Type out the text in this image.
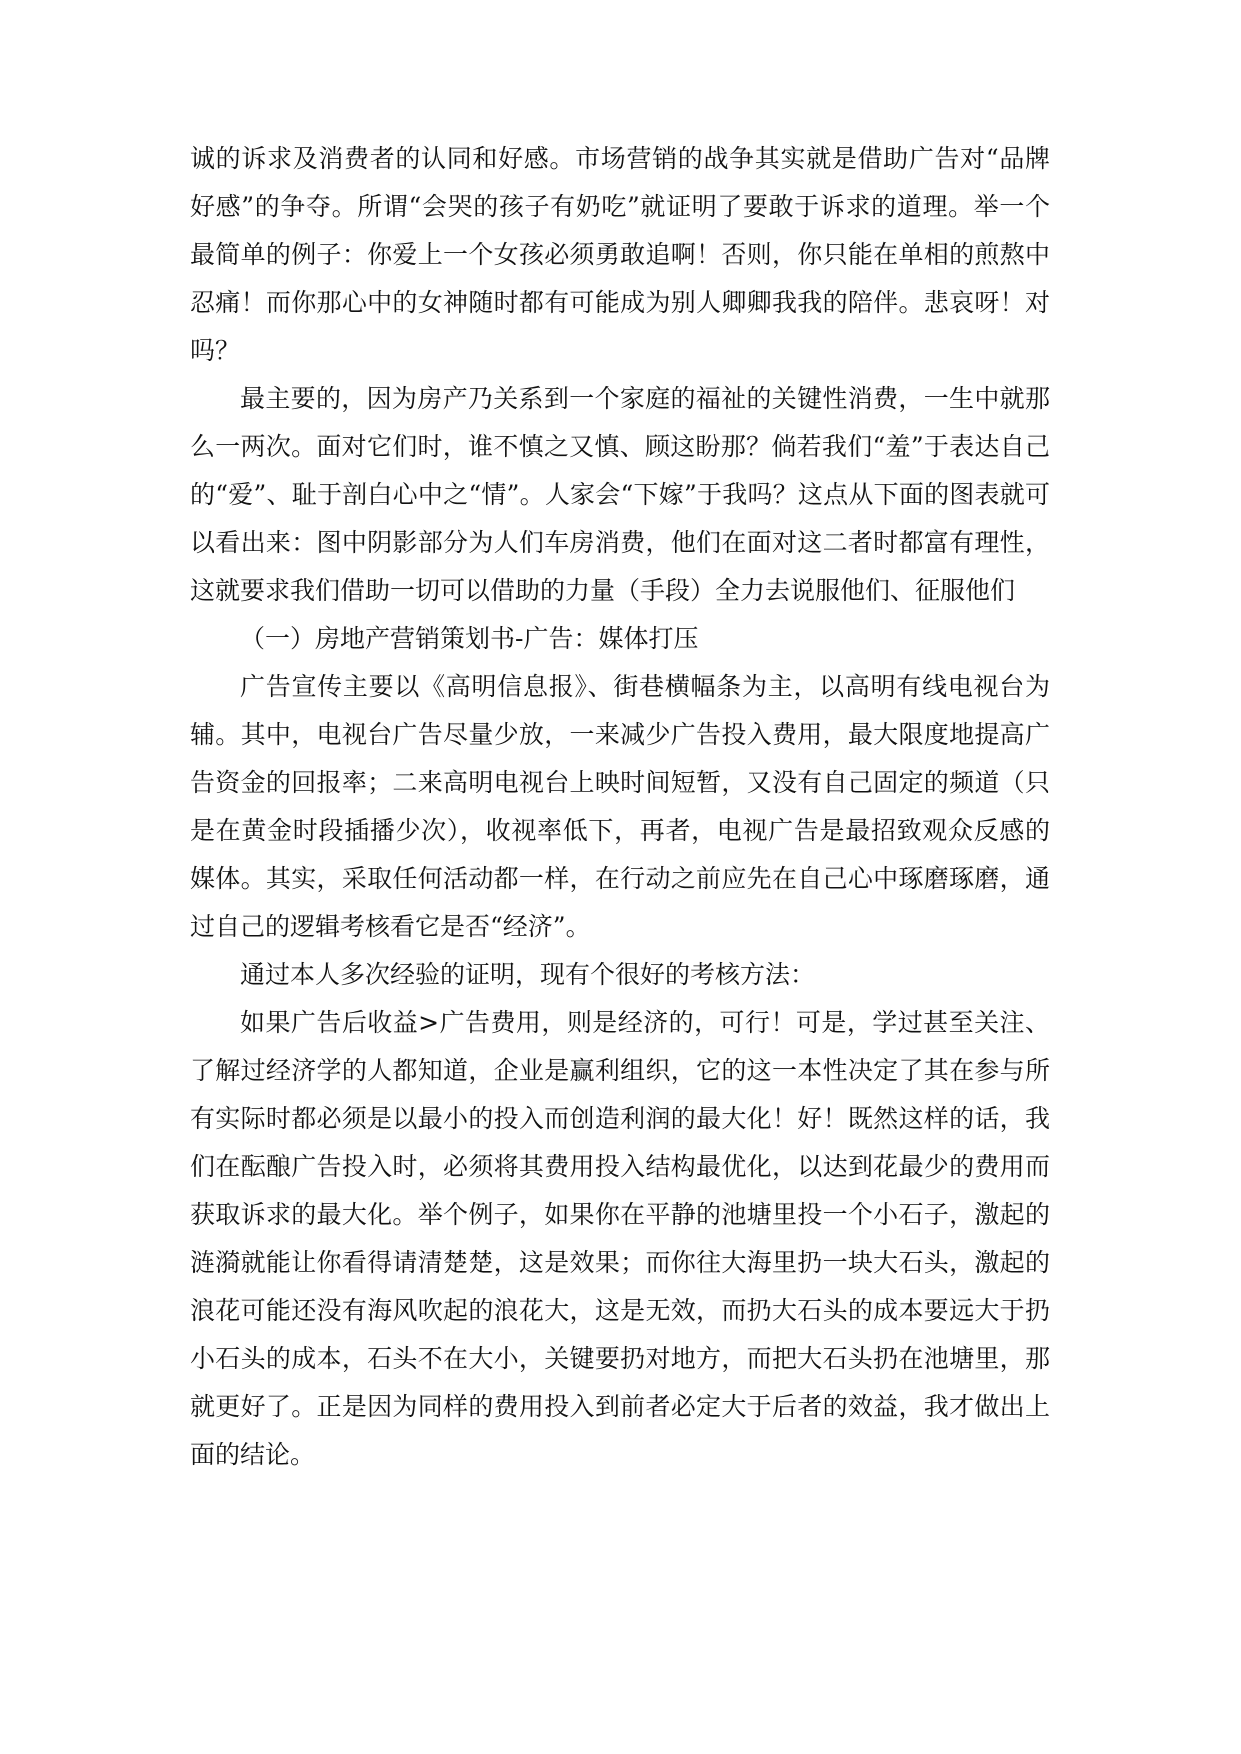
诚的诉求及消费者的认同和好感。市场营销的战争其实就是借助广告对“品牌好感”的争夺。所谓“会哭的孩子有奶吃”就证明了要敢于诉求的道理。举一个最简单的例子：你爱上一个女孩必须勇敢追啊！否则，你只能在单相的煎熬中忍痛！而你那心中的女神随时都有可能成为别人卿卿我我的陪伴。悲哀呀！对吗？

最主要的，因为房产乃关系到一个家庭的福祉的关键性消费，一生中就那么一两次。面对它们时，谁不慎之又慎、顾这盼那？倘若我们“羞”于表达自己的“爱”、耻于剖白心中之“情”。人家会“下嫁”于我吗？这点从下面的图表就可以看出来：图中阴影部分为人们车房消费，他们在面对这二者时都富有理性，这就要求我们借助一切可以借助的力量（手段）全力去说服他们、征服他们

（一）房地产营销策划书-广告：媒体打压

广告宣传主要以《高明信息报》、街巷横幅条为主，以高明有线电视台为辅。其中，电视台广告尽量少放，一来减少广告投入费用，最大限度地提高广告资金的回报率；二来高明电视台上映时间短暂，又没有自己固定的频道（只是在黄金时段插播少次），收视率低下，再者，电视广告是最招致观众反感的媒体。其实，采取任何活动都一样，在行动之前应先在自己心中琢磨琢磨，通过自己的逻辑考核看它是否“经济”。

通过本人多次经验的证明，现有个很好的考核方法：

如果广告后收益>广告费用，则是经济的，可行！可是，学过甚至关注、了解过经济学的人都知道，企业是赢利组织，它的这一本性决定了其在参与所有实际时都必须是以最小的投入而创造利润的最大化！好！既然这样的话，我们在酝酿广告投入时，必须将其费用投入结构最优化，以达到花最少的费用而获取诉求的最大化。举个例子，如果你在平静的池塘里投一个小石子，激起的涟漪就能让你看得请清楚楚，这是效果；而你往大海里扔一块大石头，激起的浪花可能还没有海风吹起的浪花大，这是无效，而扔大石头的成本要远大于扔小石头的成本，石头不在大小，关键要扔对地方，而把大石头扔在池塘里，那就更好了。正是因为同样的费用投入到前者必定大于后者的效益，我才做出上面的结论。
